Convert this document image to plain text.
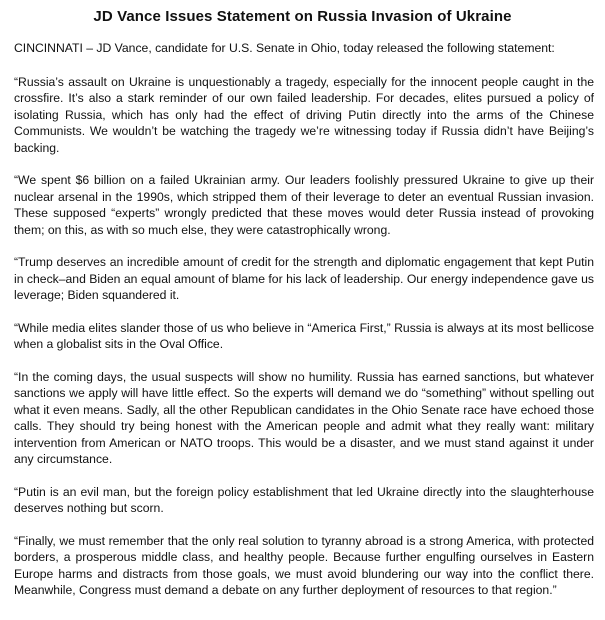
JD Vance Issues Statement on Russia Invasion of Ukraine

CINCINNATI – JD Vance, candidate for U.S. Senate in Ohio, today released the following statement:

“Russia’s assault on Ukraine is unquestionably a tragedy, especially for the innocent people caught in the crossfire. It’s also a stark reminder of our own failed leadership. For decades, elites pursued a policy of isolating Russia, which has only had the effect of driving Putin directly into the arms of the Chinese Communists. We wouldn’t be watching the tragedy we’re witnessing today if Russia didn’t have Beijing’s backing.

“We spent $6 billion on a failed Ukrainian army. Our leaders foolishly pressured Ukraine to give up their nuclear arsenal in the 1990s, which stripped them of their leverage to deter an eventual Russian invasion. These supposed “experts” wrongly predicted that these moves would deter Russia instead of provoking them; on this, as with so much else, they were catastrophically wrong.

“Trump deserves an incredible amount of credit for the strength and diplomatic engagement that kept Putin in check–and Biden an equal amount of blame for his lack of leadership. Our energy independence gave us leverage; Biden squandered it.

“While media elites slander those of us who believe in “America First,” Russia is always at its most bellicose when a globalist sits in the Oval Office.

“In the coming days, the usual suspects will show no humility. Russia has earned sanctions, but whatever sanctions we apply will have little effect. So the experts will demand we do “something” without spelling out what it even means. Sadly, all the other Republican candidates in the Ohio Senate race have echoed those calls. They should try being honest with the American people and admit what they really want: military intervention from American or NATO troops. This would be a disaster, and we must stand against it under any circumstance.

“Putin is an evil man, but the foreign policy establishment that led Ukraine directly into the slaughterhouse deserves nothing but scorn.

“Finally, we must remember that the only real solution to tyranny abroad is a strong America, with protected borders, a prosperous middle class, and healthy people. Because further engulfing ourselves in Eastern Europe harms and distracts from those goals, we must avoid blundering our way into the conflict there. Meanwhile, Congress must demand a debate on any further deployment of resources to that region.”
